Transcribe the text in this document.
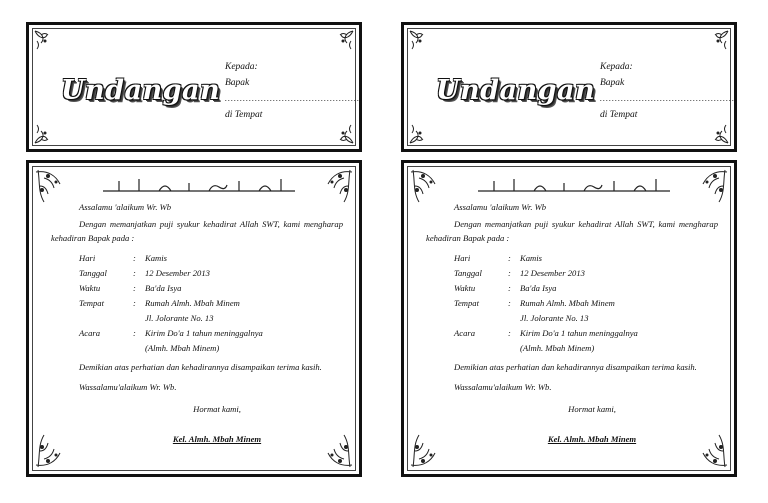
Undangan
Kepada:
Bapak
..............................................
di Tempat
Undangan
Kepada:
Bapak
..............................................
di Tempat

Assalamu 'alaikum Wr. Wb

Dengan memanjatkan puji syukur kehadirat Allah SWT, kami mengharap kehadiran Bapak pada :

Hari	:	Kamis
Tanggal	:	12 Desember 2013
Waktu	:	Ba'da Isya
Tempat	:	Rumah Almh. Mbah Minem
Jl. Jolorante No. 13
Acara	:	Kirim Do'a 1 tahun meninggalnya
(Almh. Mbah Minem)

Demikian atas perhatian dan kehadirannya disampaikan terima kasih.

Wassalamu'alaikum Wr. Wb.

Hormat kami,

Kel. Almh. Mbah Minem

Assalamu 'alaikum Wr. Wb

Dengan memanjatkan puji syukur kehadirat Allah SWT, kami mengharap kehadiran Bapak pada :

Hari	:	Kamis
Tanggal	:	12 Desember 2013
Waktu	:	Ba'da Isya
Tempat	:	Rumah Almh. Mbah Minem
Jl. Jolorante No. 13
Acara	:	Kirim Do'a 1 tahun meninggalnya
(Almh. Mbah Minem)

Demikian atas perhatian dan kehadirannya disampaikan terima kasih.

Wassalamu'alaikum Wr. Wb.

Hormat kami,

Kel. Almh. Mbah Minem
